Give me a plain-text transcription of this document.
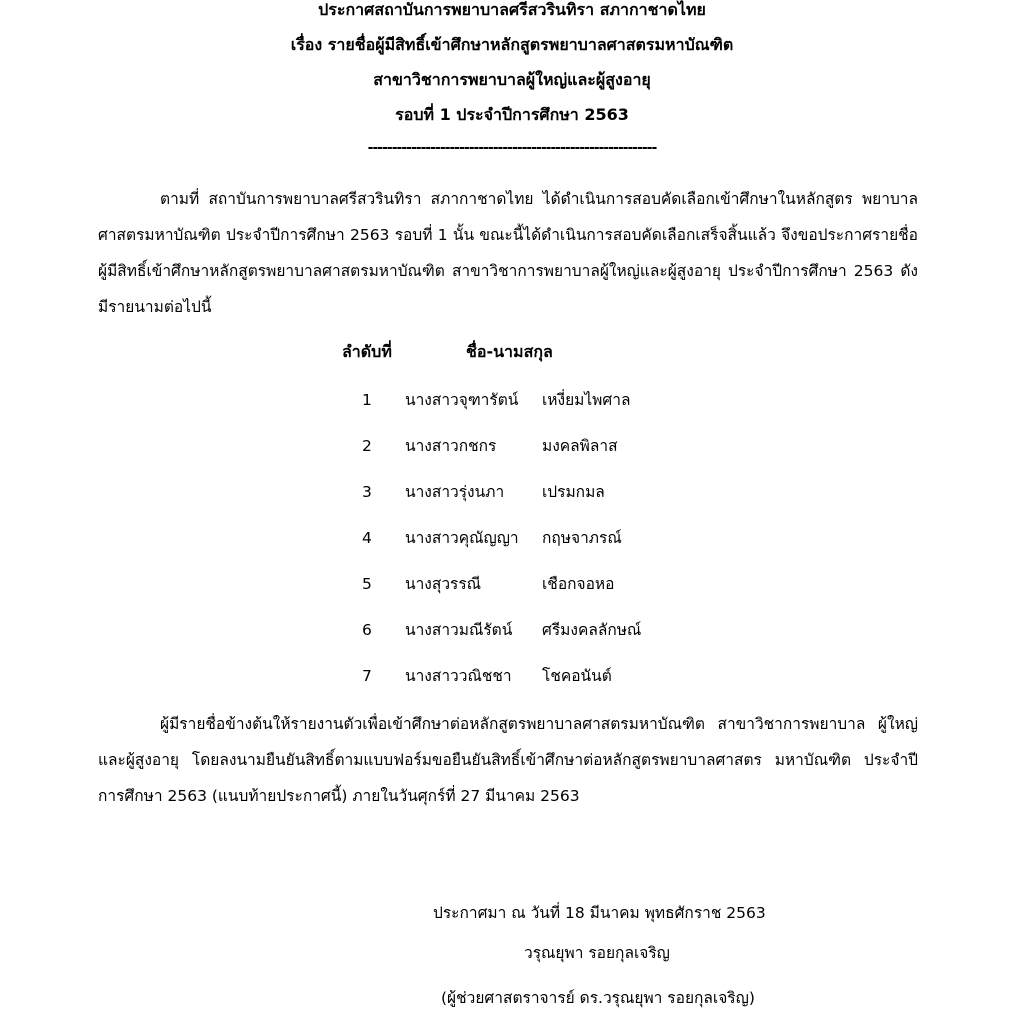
ประกาศสถาบันการพยาบาลศรีสวรินทิรา สภากาชาดไทย
เรื่อง รายชื่อผู้มีสิทธิ์เข้าศึกษาหลักสูตรพยาบาลศาสตรมหาบัณฑิต
สาขาวิชาการพยาบาลผู้ใหญ่และผู้สูงอายุ
รอบที่ 1 ประจำปีการศึกษา 2563
------------------------------------------------------------
ตามที่ สถาบันการพยาบาลศรีสวรินทิรา สภากาชาดไทย ได้ดำเนินการสอบคัดเลือกเข้าศึกษาในหลักสูตร พยาบาลศาสตรมหาบัณฑิต ประจำปีการศึกษา 2563 รอบที่ 1 นั้น ขณะนี้ได้ดำเนินการสอบคัดเลือกเสร็จสิ้นแล้ว จึงขอประกาศรายชื่อผู้มีสิทธิ์เข้าศึกษาหลักสูตรพยาบาลศาสตรมหาบัณฑิต สาขาวิชาการพยาบาลผู้ใหญ่และผู้สูงอายุ ประจำปีการศึกษา 2563 ดังมีรายนามต่อไปนี้
ลำดับที่	ชื่อ-นามสกุล
1 นางสาวจุฑารัตน์ เหงี่ยมไพศาล
2 นางสาวกชกร	มงคลพิลาส
3 นางสาวรุ่งนภา เปรมกมล
4 นางสาวคุณัญญา กฤษจาภรณ์
5 นางสุวรรณี	เชือกจอหอ
6 นางสาวมณีรัตน์ ศรีมงคลลักษณ์
7 นางสาววณิชชา โชคอนันต์
ผู้มีรายชื่อข้างต้นให้รายงานตัวเพื่อเข้าศึกษาต่อหลักสูตรพยาบาลศาสตรมหาบัณฑิต สาขาวิชาการพยาบาล ผู้ใหญ่และผู้สูงอายุ โดยลงนามยืนยันสิทธิ์ตามแบบฟอร์มขอยืนยันสิทธิ์เข้าศึกษาต่อหลักสูตรพยาบาลศาสตร มหาบัณฑิต ประจำปีการศึกษา 2563 (แนบท้ายประกาศนี้) ภายในวันศุกร์ที่ 27 มีนาคม 2563
ประกาศมา ณ วันที่ 18 มีนาคม พุทธศักราช 2563
วรุณยุพา รอยกุลเจริญ
(ผู้ช่วยศาสตราจารย์ ดร.วรุณยุพา รอยกุลเจริญ)
